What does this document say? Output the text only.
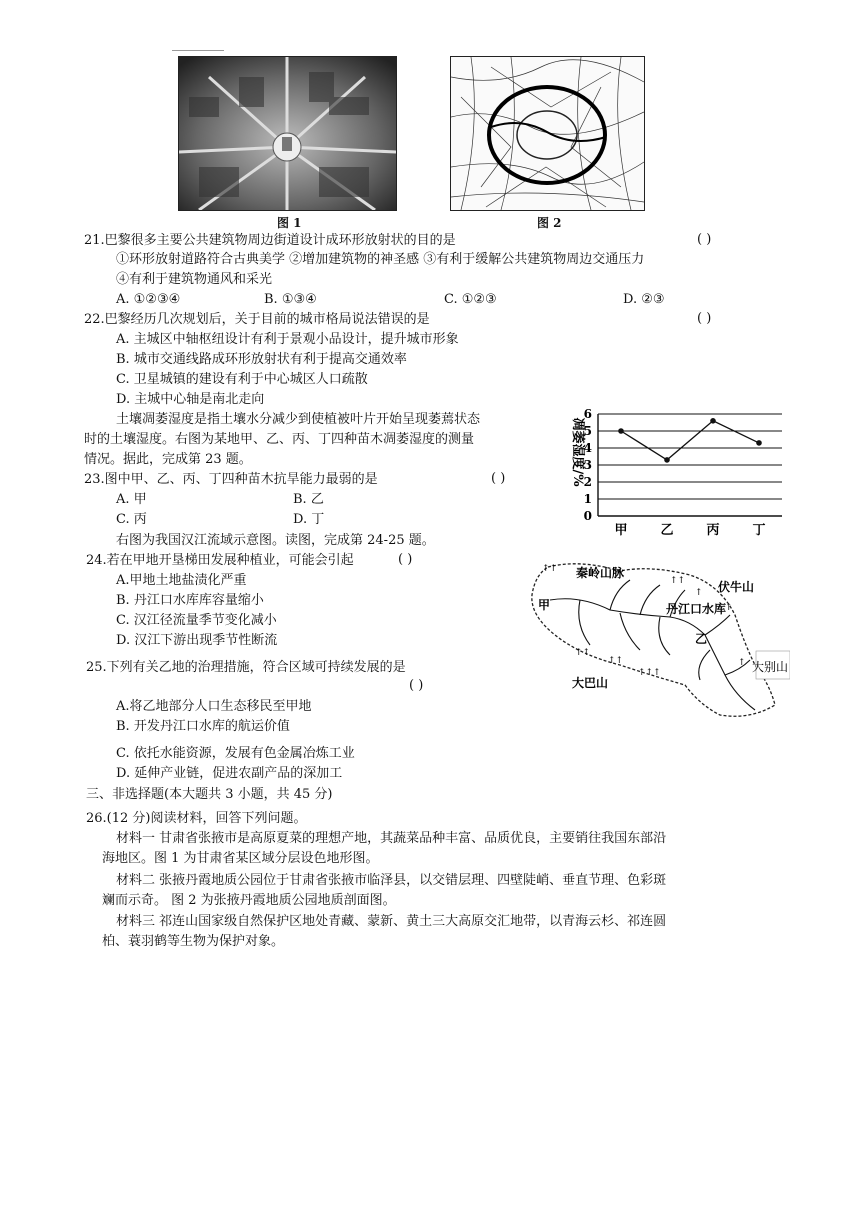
图 1	图 2
21.巴黎很多主要公共建筑物周边街道设计成环形放射状的目的是	( )
①环形放射道路符合古典美学 ②增加建筑物的神圣感 ③有利于缓解公共建筑物周边交通压力
④有利于建筑物通风和采光
A. ①②③④	B. ①③④	C. ①②③	D. ②③
22.巴黎经历几次规划后，关于目前的城市格局说法错误的是	( )
A. 主城区中轴枢纽设计有利于景观小品设计，提升城市形象
B. 城市交通线路成环形放射状有利于提高交通效率
C. 卫星城镇的建设有利于中心城区人口疏散
D. 主城中心轴是南北走向
土壤凋萎湿度是指土壤水分减少到使植被叶片开始呈现萎蔫状态
时的土壤湿度。右图为某地甲、乙、丙、丁四种苗木凋萎湿度的测量
情况。据此，完成第 23 题。
23.图中甲、乙、丙、丁四种苗木抗旱能力最弱的是	( )
A. 甲	B. 乙
C. 丙	D. 丁
凋萎湿度/%
0
1
2
3
4
5
6
甲	乙	丙	丁
右图为我国汉江流域示意图。读图，完成第 24-25 题。
24.若在甲地开垦梯田发展种植业，可能会引起	( )
A.甲地土地盐渍化严重
B. 丹江口水库库容量缩小
C. 汉江径流量季节变化减小
D. 汉江下游出现季节性断流
↑↑
↑↑
↑
↑
↑↑
↑↑
↑↑↑
↑
秦岭山脉
伏牛山
甲	丹江口水库
乙
大巴山
大别山
25.下列有关乙地的治理措施，符合区域可持续发展的是
( )
A.将乙地部分人口生态移民至甲地
B. 开发丹江口水库的航运价值
C. 依托水能资源，发展有色金属冶炼工业
D. 延伸产业链，促进农副产品的深加工
三、非选择题(本大题共 3 小题，共 45 分)
26.(12 分)阅读材料，回答下列问题。
材料一 甘肃省张掖市是高原夏菜的理想产地，其蔬菜品种丰富、品质优良，主要销往我国东部沿
海地区。图 1 为甘肃省某区域分层设色地形图。
材料二 张掖丹霞地质公园位于甘肃省张掖市临泽县，以交错层理、四壁陡峭、垂直节理、色彩斑
斓而示奇。 图 2 为张掖丹霞地质公园地质剖面图。
材料三 祁连山国家级自然保护区地处青藏、蒙新、黄土三大高原交汇地带，以青海云杉、祁连圆
柏、蓑羽鹤等生物为保护对象。
